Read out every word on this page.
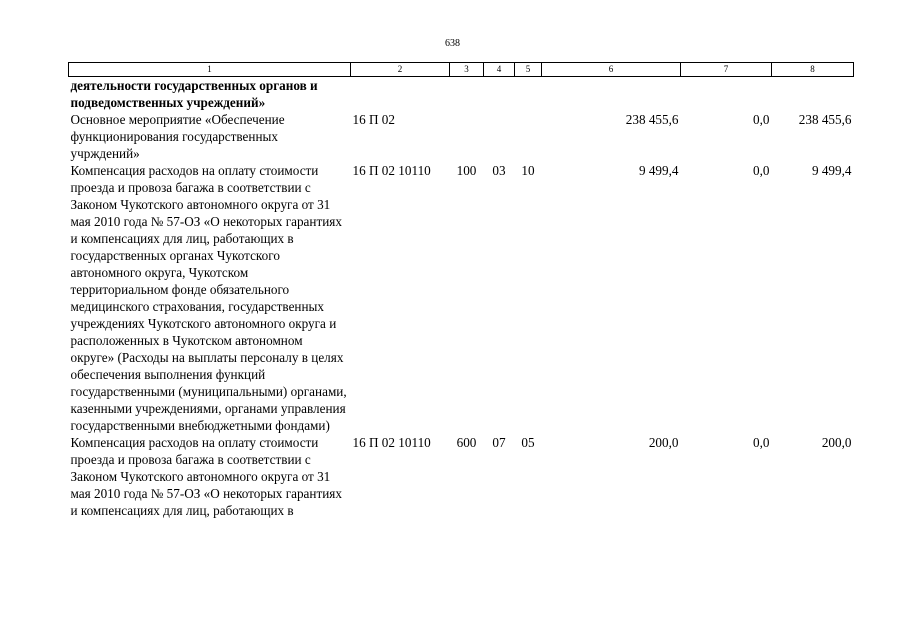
638
1	2	3	4	5	6	7	8
деятельности государственных органов и подведомственных учреждений»							
Основное мероприятие «Обеспечение функционирования государственных учрждений»	16 П 02				238 455,6	0,0	238 455,6
Компенсация расходов на оплату стоимости проезда и провоза багажа в соответствии с Законом Чукотского автономного округа от 31 мая 2010 года № 57-ОЗ «О некоторых гарантиях и компенсациях для лиц, работающих в государственных органах Чукотского автономного округа, Чукотском территориальном фонде обязательного медицинского страхования, государственных учреждениях Чукотского автономного округа и расположенных в Чукотском автономном округе» (Расходы на выплаты персоналу в целях обеспечения выполнения функций государственными (муниципальными) органами, казенными учреждениями, органами управления государственными внебюджетными фондами)	16 П 02 10110	100	03	10	9 499,4	0,0	9 499,4
Компенсация расходов на оплату стоимости проезда и провоза багажа в соответствии с Законом Чукотского автономного округа от 31 мая 2010 года № 57-ОЗ «О некоторых гарантиях и компенсациях для лиц, работающих в	16 П 02 10110	600	07	05	200,0	0,0	200,0
